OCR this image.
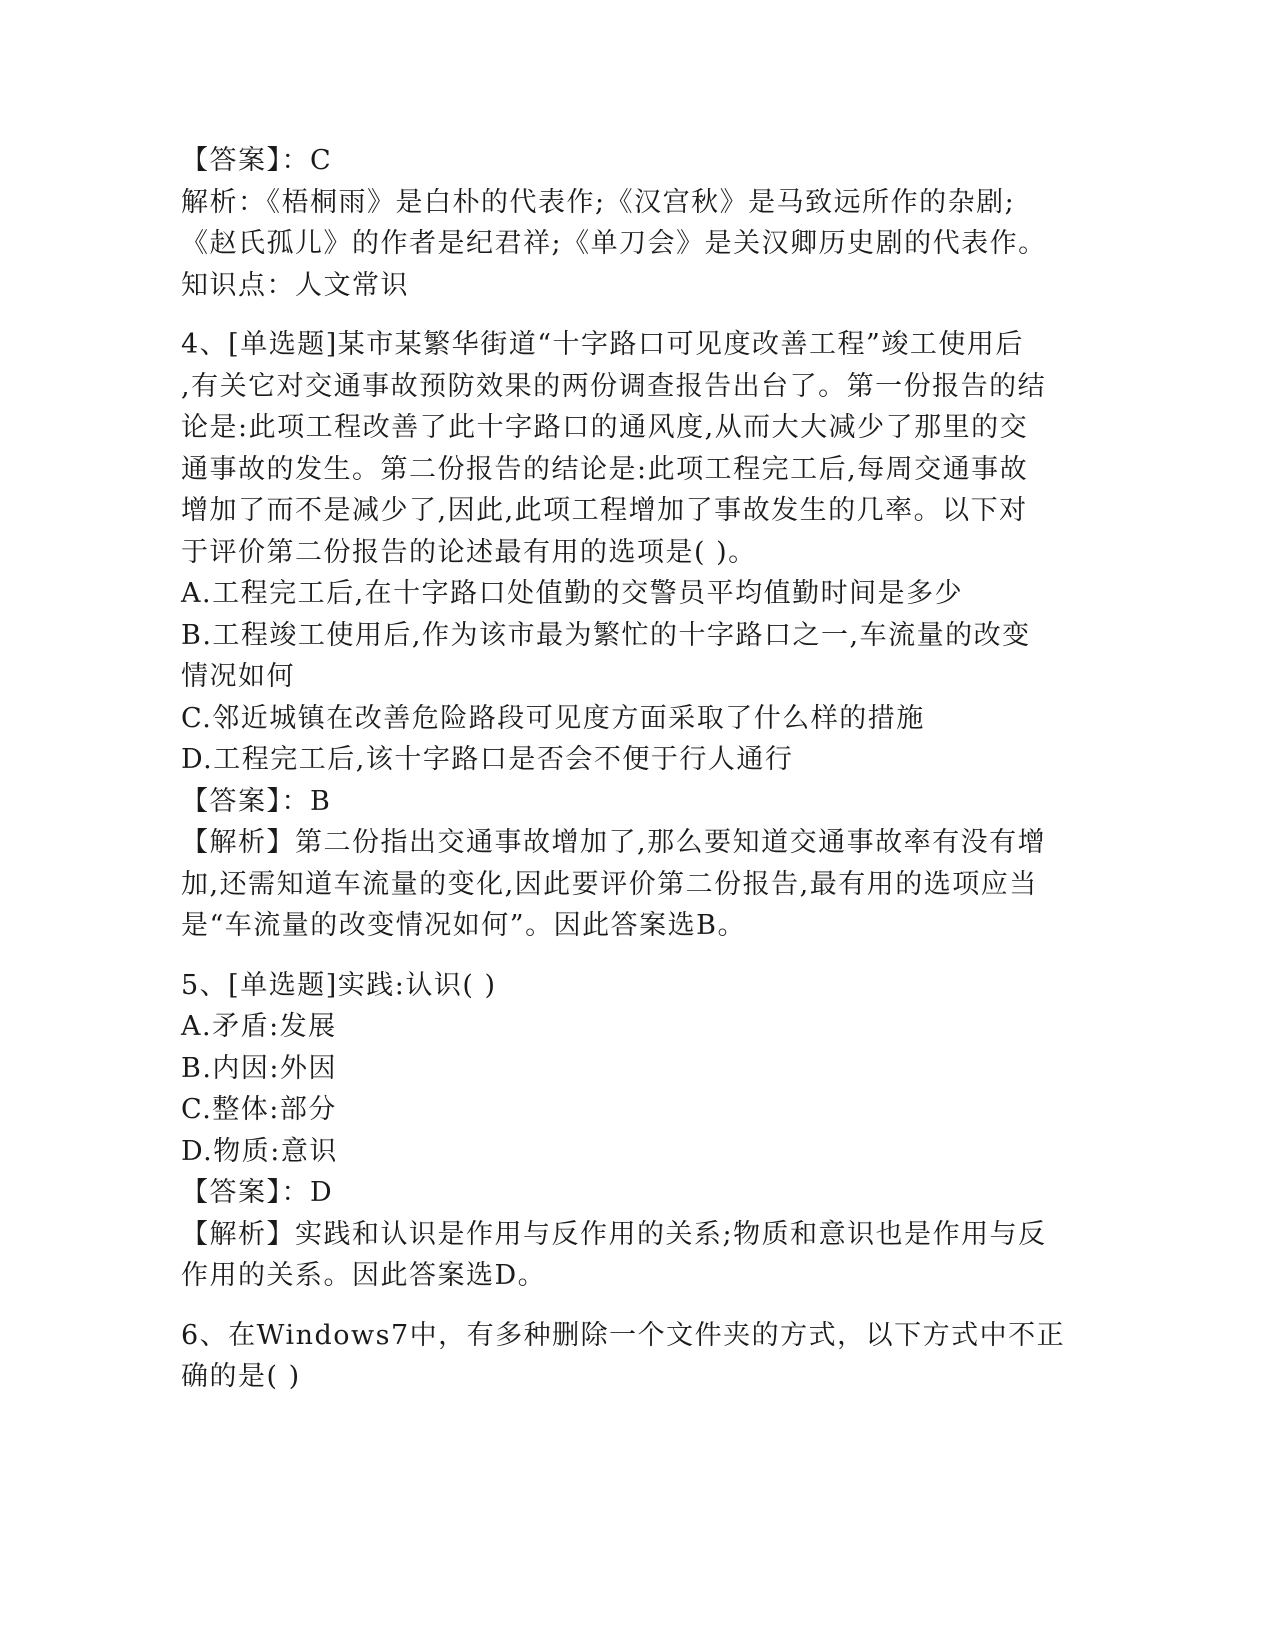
【答案】：C
解析：《梧桐雨》是白朴的代表作;《汉宫秋》是马致远所作的杂剧;
《赵氏孤儿》的作者是纪君祥;《单刀会》是关汉卿历史剧的代表作。
知识点：人文常识
4、[单选题]某市某繁华街道“十字路口可见度改善工程”竣工使用后
,有关它对交通事故预防效果的两份调查报告出台了。第一份报告的结
论是:此项工程改善了此十字路口的通风度,从而大大减少了那里的交
通事故的发生。第二份报告的结论是:此项工程完工后,每周交通事故
增加了而不是减少了,因此,此项工程增加了事故发生的几率。以下对
于评价第二份报告的论述最有用的选项是( )。
A.工程完工后,在十字路口处值勤的交警员平均值勤时间是多少
B.工程竣工使用后,作为该市最为繁忙的十字路口之一,车流量的改变
情况如何
C.邻近城镇在改善危险路段可见度方面采取了什么样的措施
D.工程完工后,该十字路口是否会不便于行人通行
【答案】：B
【解析】第二份指出交通事故增加了,那么要知道交通事故率有没有增
加,还需知道车流量的变化,因此要评价第二份报告,最有用的选项应当
是“车流量的改变情况如何”。因此答案选B。
5、[单选题]实践:认识( )
A.矛盾:发展
B.内因:外因
C.整体:部分
D.物质:意识
【答案】：D
【解析】实践和认识是作用与反作用的关系;物质和意识也是作用与反
作用的关系。因此答案选D。
6、在Windows7中，有多种删除一个文件夹的方式，以下方式中不正
确的是( )
